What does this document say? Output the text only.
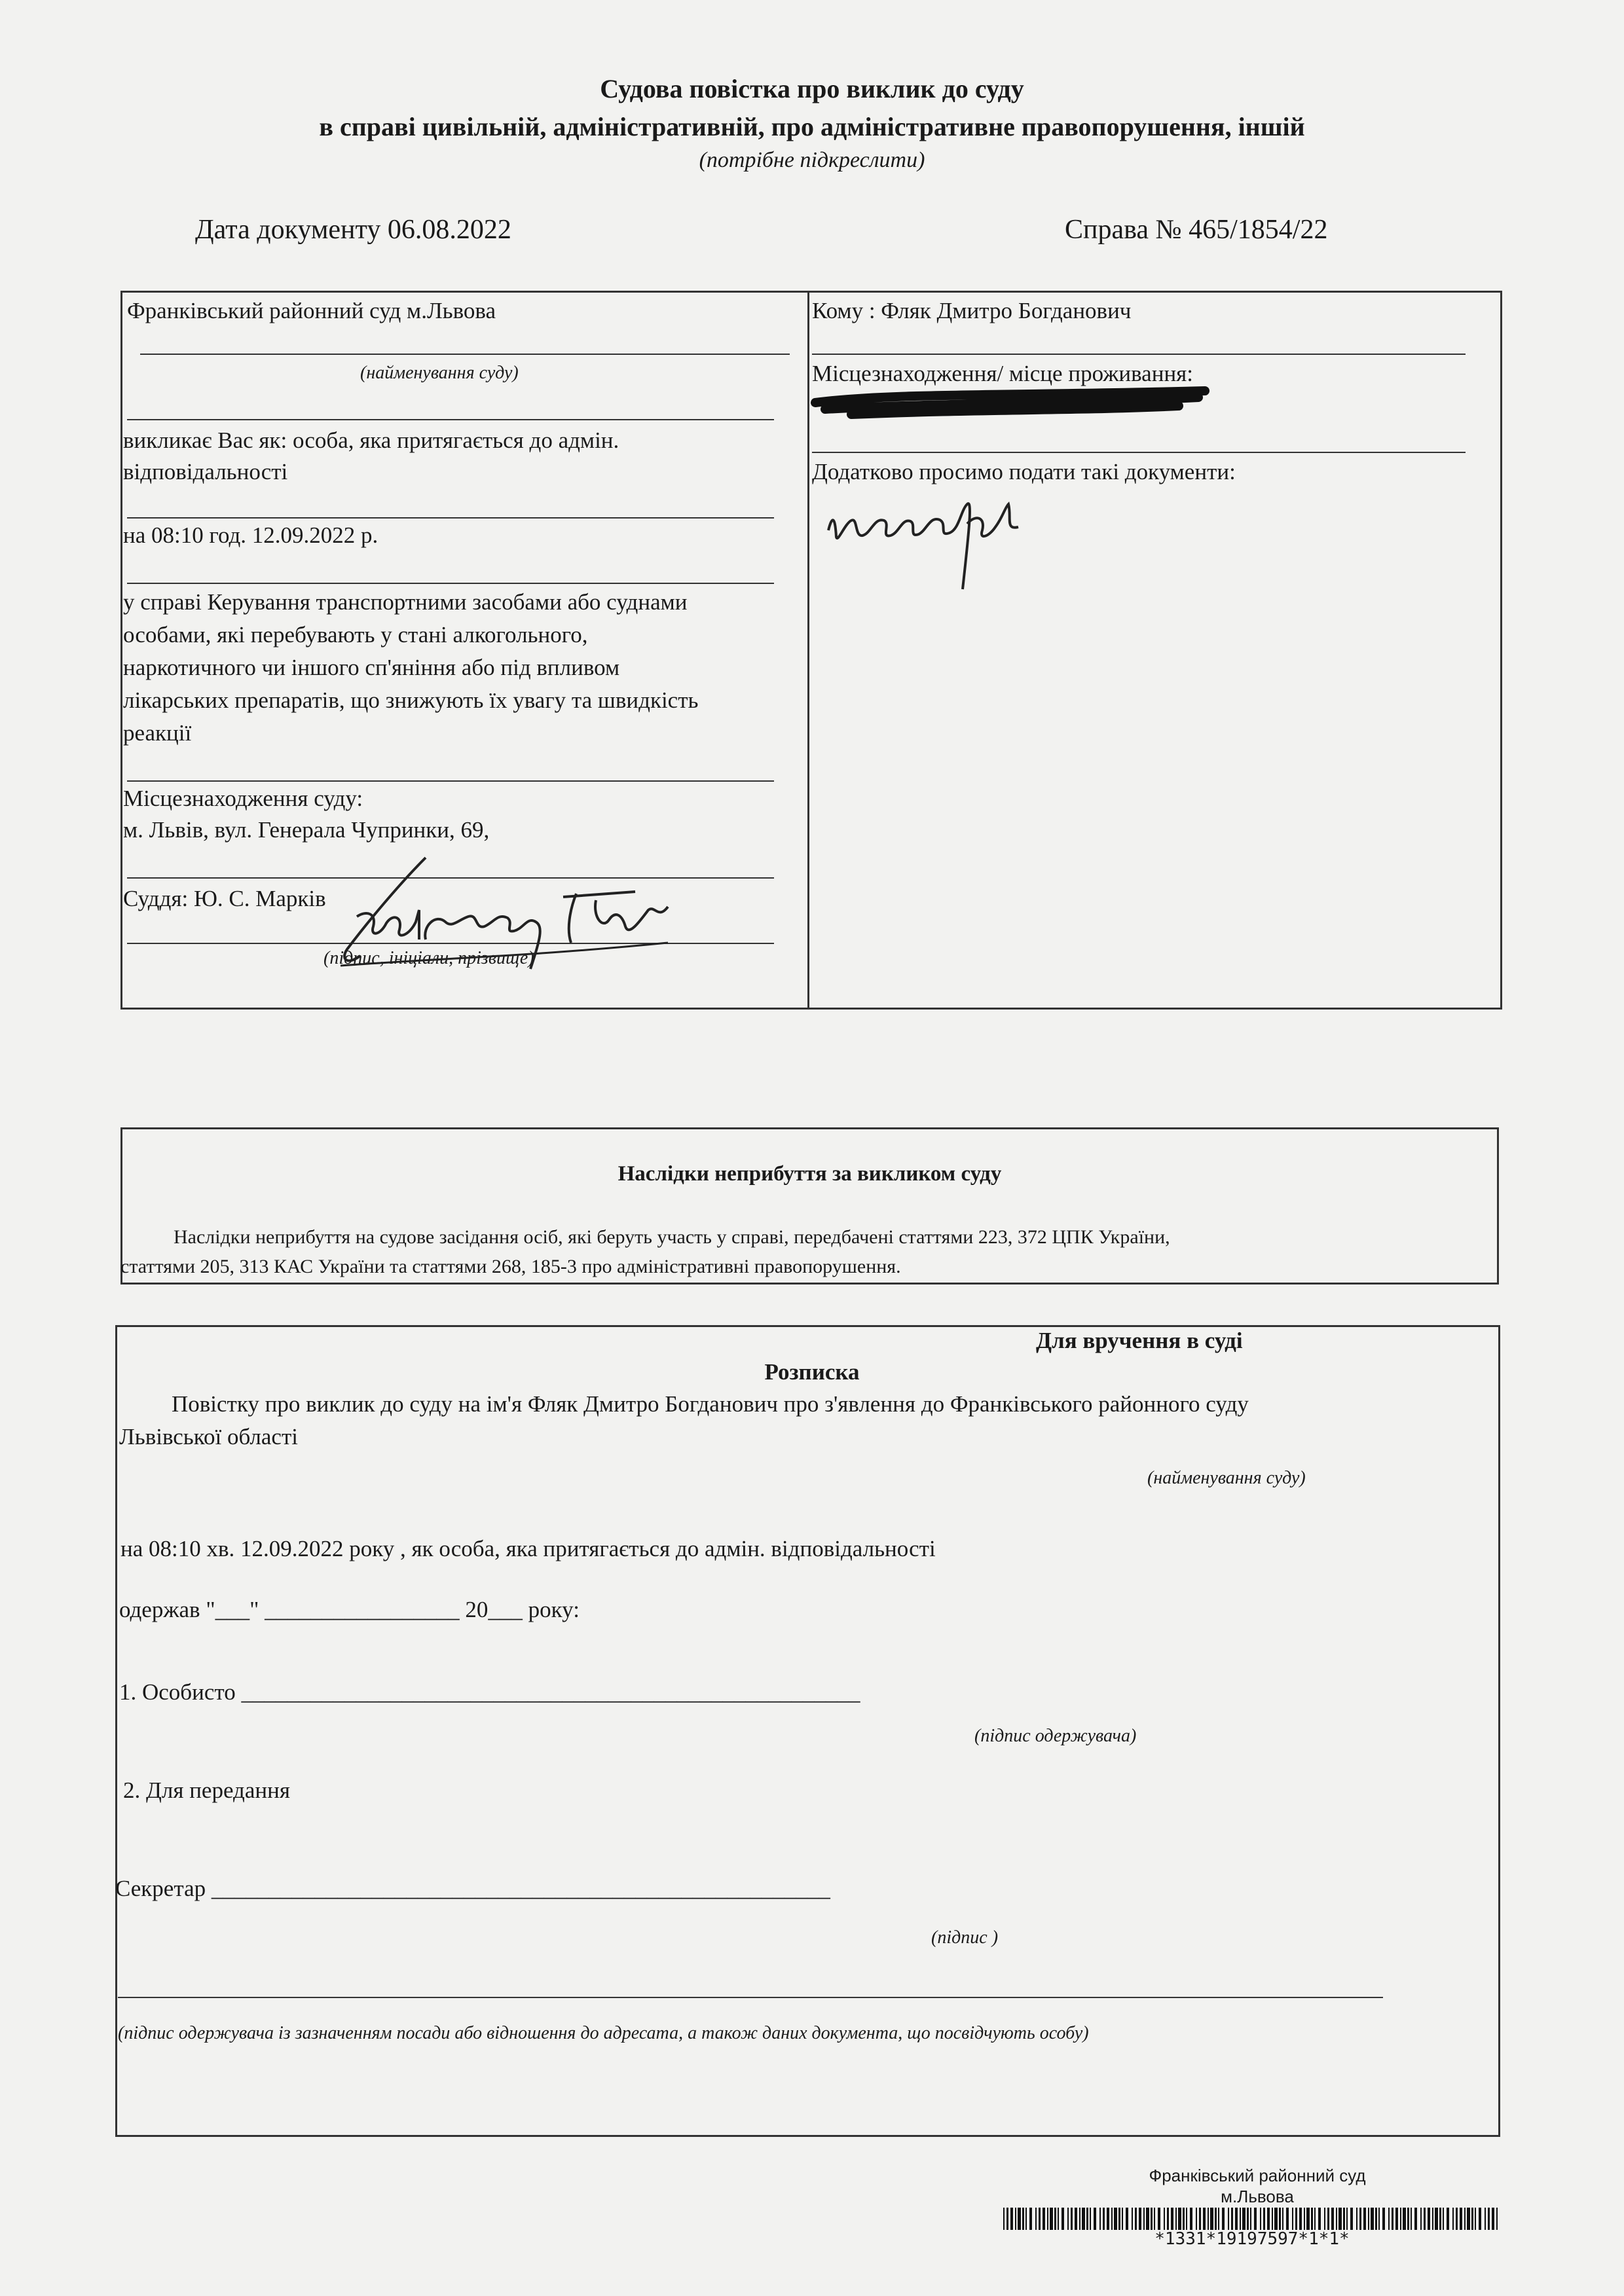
Судова повістка про виклик до суду
в справі цивільній, адміністративній, про адміністративне правопорушення, іншій
(потрібне підкреслити)
Дата документу 06.08.2022	Справа № 465/1854/22
Франківський районний суд м.Львова
(найменування суду)
викликає Вас як: особа, яка притягається до адмін.
відповідальності
на 08:10 год. 12.09.2022 р.
у справі Керування транспортними засобами або суднами
особами, які перебувають у стані алкогольного,
наркотичного чи іншого сп'яніння або під впливом
лікарських препаратів, що знижують їх увагу та швидкість
реакції
Місцезнаходження суду:
м. Львів, вул. Генерала Чупринки, 69,
Суддя: Ю. С. Марків
(підпис, ініціали, прізвище)
Кому : Фляк Дмитро Богданович
Місцезнаходження/ місце проживання:
Додатково просимо подати такі документи:
Наслідки неприбуття за викликом суду
Наслідки неприбуття на судове засідання осіб, які беруть участь у справі, передбачені статтями 223, 372 ЦПК України,
статтями 205, 313 КАС України та статтями 268, 185-3 про адміністративні правопорушення.
Для вручення в суді
Розписка
Повістку про виклик до суду на ім'я Фляк Дмитро Богданович про з'явлення до Франківського районного суду
Львівської області
(найменування суду)
на 08:10 хв. 12.09.2022 року , як особа, яка притягається до адмін. відповідальності
одержав "___" _________________ 20___ року:
1. Особисто ______________________________________________________
(підпис одержувача)
2. Для передання
Секретар ______________________________________________________
(підпис )
(підпис одержувача із зазначенням посади або відношення до адресата, а також даних документа, що посвідчують особу)
Франківський районний суд
м.Львова
*1331*19197597*1*1*
